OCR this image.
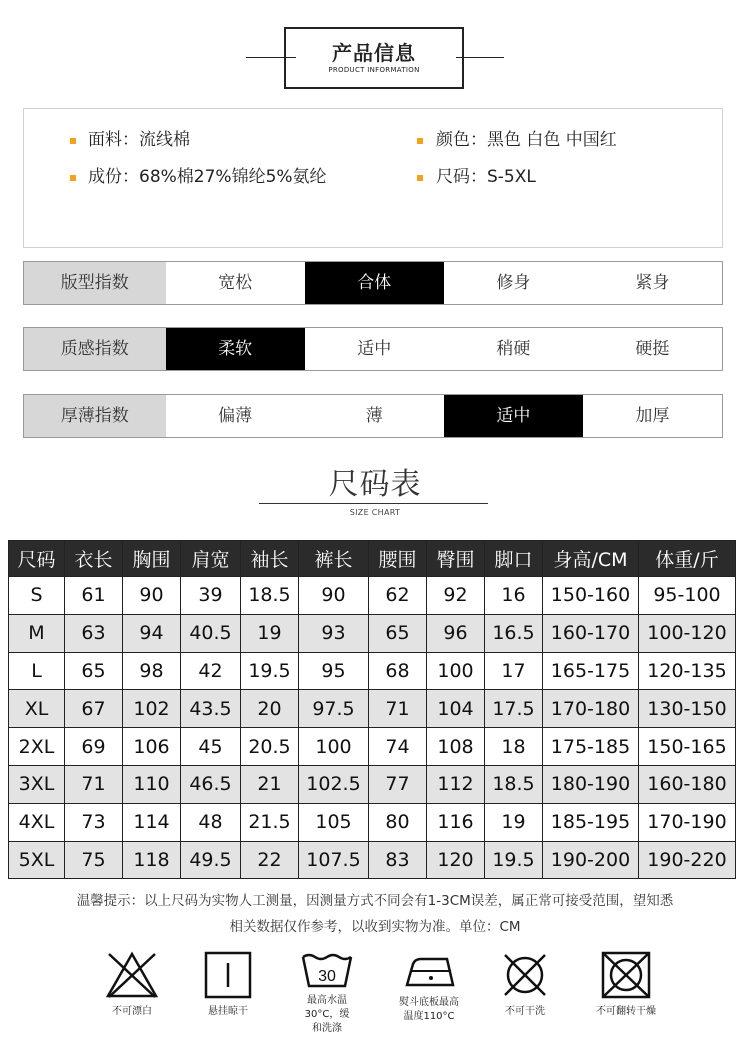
产品信息
PRODUCT INFORMATION
面料：流线棉
成份：68%棉27%锦纶5%氨纶
颜色：黑色 白色 中国红
尺码：S-5XL
版型指数	宽松	合体	修身	紧身
质感指数	柔软	适中	稍硬	硬挺
厚薄指数	偏薄	薄	适中	加厚
尺码表
SIZE CHART
尺码	衣长	胸围	肩宽	袖长	裤长	腰围	臀围	脚口	身高/CM	体重/斤
S	61	90	39	18.5	90	62	92	16	150-160	95-100
M	63	94	40.5	19	93	65	96	16.5	160-170	100-120
L	65	98	42	19.5	95	68	100	17	165-175	120-135
XL	67	102	43.5	20	97.5	71	104	17.5	170-180	130-150
2XL	69	106	45	20.5	100	74	108	18	175-185	150-165
3XL	71	110	46.5	21	102.5	77	112	18.5	180-190	160-180
4XL	73	114	48	21.5	105	80	116	19	185-195	170-190
5XL	75	118	49.5	22	107.5	83	120	19.5	190-200	190-220
温馨提示：以上尺码为实物人工测量，因测量方式不同会有1-3CM误差，属正常可接受范围，望知悉
相关数据仅作参考，以收到实物为准。单位：CM
不可漂白	悬挂晾干
30
最高水温30°C，缓和洗涤
熨斗底板最高温度110°C	不可干洗	不可翻转干燥
